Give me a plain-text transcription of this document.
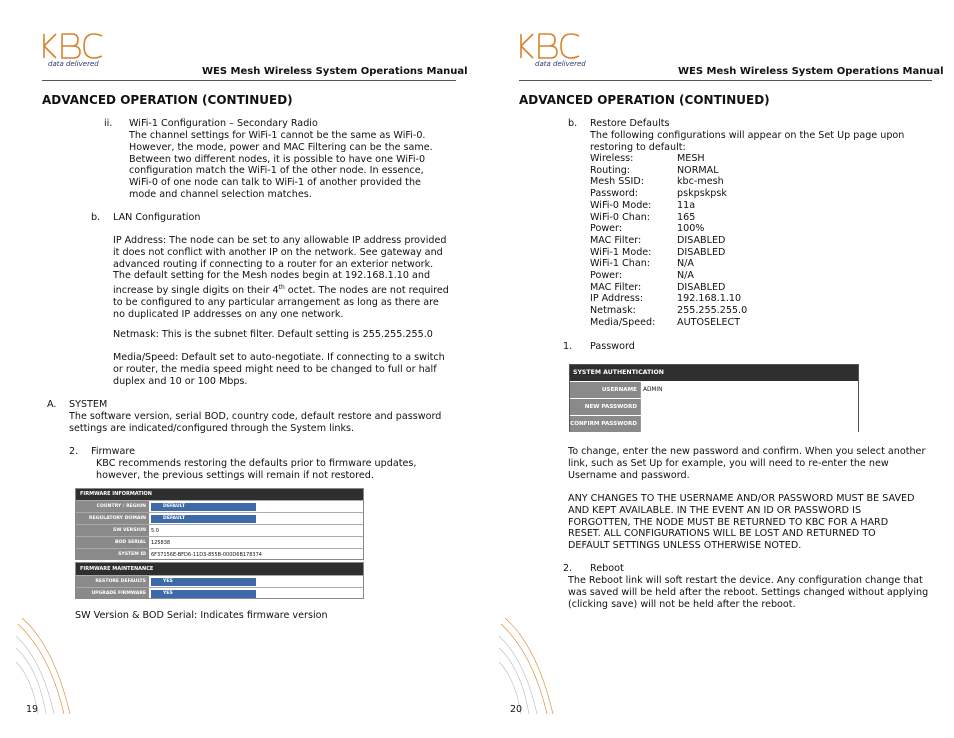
data delivered
WES Mesh Wireless System Operations Manual
ADVANCED OPERATION (CONTINUED)
ii. WiFi-1 Configuration – Secondary Radio
The channel settings for WiFi-1 cannot be the same as WiFi-0.
However, the mode, power and MAC Filtering can be the same.
Between two different nodes, it is possible to have one WiFi-0
configuration match the WiFi-1 of the other node. In essence,
WiFi-0 of one node can talk to WiFi-1 of another provided the
mode and channel selection matches.
b. LAN Configuration
IP Address: The node can be set to any allowable IP address provided
it does not conflict with another IP on the network. See gateway and
advanced routing if connecting to a router for an exterior network.
The default setting for the Mesh nodes begin at 192.168.1.10 and
increase by single digits on their 4th octet. The nodes are not required
to be configured to any particular arrangement as long as there are
no duplicated IP addresses on any one network.
Netmask: This is the subnet filter. Default setting is 255.255.255.0
Media/Speed: Default set to auto-negotiate. If connecting to a switch
or router, the media speed might need to be changed to full or half
duplex and 10 or 100 Mbps.
A. SYSTEM
The software version, serial BOD, country code, default restore and password
settings are indicated/configured through the System links.
2. Firmware
KBC recommends restoring the defaults prior to firmware updates,
however, the previous settings will remain if not restored.
FIRMWARE INFORMATION
COUNTRY / REGION	DEFAULT
REGULATORY DOMAIN	DEFAULT
SW VERSION	5.0
BOD SERIAL	125838
SYSTEM ID	6F37156E-BFD6-11D3-855B-000D6B178374
FIRMWARE MAINTENANCE
RESTORE DEFAULTS	YES
UPGRADE FIRMWARE	YES
SW Version & BOD Serial: Indicates firmware version
19
data delivered
WES Mesh Wireless System Operations Manual
ADVANCED OPERATION (CONTINUED)
b. Restore Defaults
The following configurations will appear on the Set Up page upon
restoring to default:
Wireless:	MESH
Routing:	NORMAL
Mesh SSID:	kbc-mesh
Password:	pskpskpsk
WiFi-0 Mode:	11a
WiFi-0 Chan:	165
Power:	100%
MAC Filter:	DISABLED
WiFi-1 Mode:	DISABLED
WiFi-1 Chan:	N/A
Power:	N/A
MAC Filter:	DISABLED
IP Address:	192.168.1.10
Netmask:	255.255.255.0
Media/Speed:	AUTOSELECT
1. Password
SYSTEM AUTHENTICATION
USERNAME	ADMIN
NEW PASSWORD
CONFIRM PASSWORD
To change, enter the new password and confirm. When you select another
link, such as Set Up for example, you will need to re-enter the new
Username and password.
ANY CHANGES TO THE USERNAME AND/OR PASSWORD MUST BE SAVED
AND KEPT AVAILABLE. IN THE EVENT AN ID OR PASSWORD IS
FORGOTTEN, THE NODE MUST BE RETURNED TO KBC FOR A HARD
RESET. ALL CONFIGURATIONS WILL BE LOST AND RETURNED TO
DEFAULT SETTINGS UNLESS OTHERWISE NOTED.
2. Reboot
The Reboot link will soft restart the device. Any configuration change that
was saved will be held after the reboot. Settings changed without applying
(clicking save) will not be held after the reboot.
20
